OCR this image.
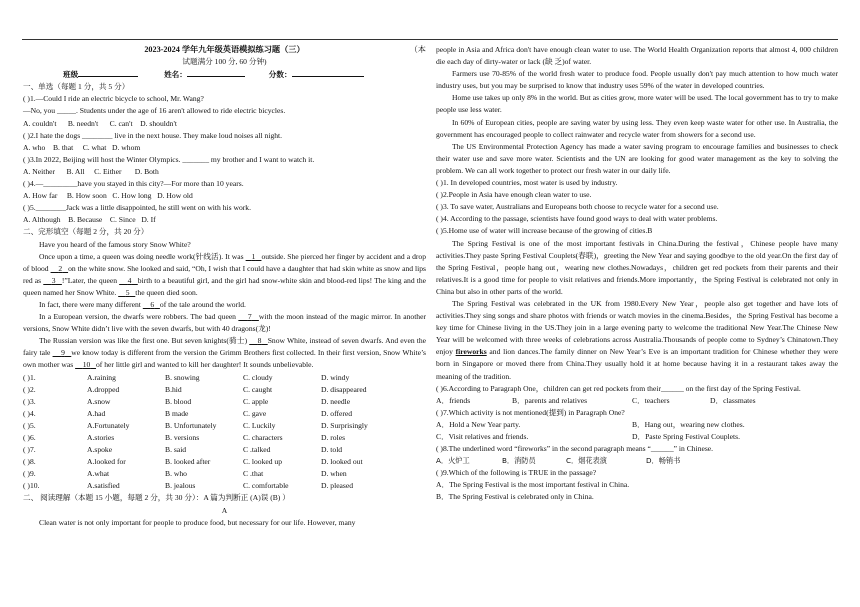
2023-2024 学年九年级英语模拟练习题（三）	（本

试题满分 100 分, 60 分钟)

班级	姓名：	分数：

一、单选（每题 1 分，共 5 分）

( )1.—Could I ride an electric bicycle to school, Mr. Wang?

—No, you _____. Students under the age of 16 aren't allowed to ride electric bicycles.

A. couldn't      B. needn't      C. can't    D. shouldn't

( )2.I hate the dogs ________ live in the next house. They make loud noises all night.

A. who    B. that     C. what   D. whom

( )3.In 2022, Beijing will host the Winter Olympics. _______ my brother and I want to watch it.

A. Neither      B. All     C. Either       D. Both

( )4.—_________have you stayed in this city?—For more than 10 years.

A. How far     B. How soon   C. How long   D. How old

( )5.________Jack was a little disappointed, he still went on with his work.

A. Although    B. Because    C. Since   D. If

二、完形填空（每题 2 分，共 20 分）

Have you heard of the famous story Snow White?

Once upon a time, a queen was doing needle work(针线活). It was 1 outside. She pierced her finger by accident and a drop of blood 2 on the white snow. She looked and said, “Oh, I wish that I could have a daughter that had skin white as snow and lips red as 3 !”Later, the queen 4 birth to a beautiful girl, and the girl had snow-white skin and blood-red lips! The king and the queen named her Snow White. 5 the queen died soon.

In fact, there were many different 6 of the tale around the world.

In a European version, the dwarfs were robbers. The bad queen 7 with the moon instead of the magic mirror. In another versions, Snow White didn’t live with the seven dwarfs, but with 40 dragons(龙)!

The Russian version was like the first one. But seven knights(骑士) 8 Snow White, instead of seven dwarfs. And even the fairy tale 9 we know today is different from the version the Grimm Brothers first collected. In their first version, Snow White’s own mother was 10 of her little girl and wanted to kill her daughter! It sounds unbelievable.

( )1.	A.raining	B. snowing	C. cloudy	D. windy

( )2.	A.dropped	B.hid	C. caught	D. disappeared

( )3.	A.snow	B. blood	C. apple	D. needle

( )4.	A.had	B made	C. gave	D. offered

( )5.	A.Fortunately	B. Unfortunately	C. Luckily	D. Surprisingly

( )6.	A.stories	B. versions	C. characters	D. roles

( )7.	A.spoke	B. said	C .talked	D. told

( )8.	A.looked for	B. looked after	C. looked up	D. looked out

( )9.	A.what	B. who	C .that	D. when

( )10.	A.satisfied	B. jealous	C. comfortable	D. pleased

二、 阅读理解（本题 15 小题，每题 2 分，共 30 分）：A 篇为判断正 (A)误 (B) ）

A

Clean water is not only important for people to produce food, but necessary for our life. However, many

people in Asia and Africa don't have enough clean water to use. The World Health Organization reports that almost 4, 000 children die each day of dirty-water or lack (缺 乏)of water.

Farmers use 70-85% of the world fresh water to produce food. People usually don't pay much attention to how much water industry uses, but you may be surprised to know that industry uses 59% of the water in developed countries.

Home use takes up only 8% in the world. But as cities grow, more water will be used. The local government has to try to make people use less water.

In 60% of European cities, people are saving water by using less. They even keep waste water for other use. In Australia, the government has encouraged people to collect rainwater and recycle water from showers for a second use.

The US Environmental Protection Agency has made a water saving program to encourage families and businesses to check their water use and save more water. Scientists and the UN are looking for good water management as the key to solving the problem. We can all work together to protect our fresh water in our daily life.

( )1. In developed countries, most water is used by industry.

( )2.People in Asia have enough clean water to use.

( )3. To save water, Australians and Europeans both choose to recycle water for a second use.

( )4. According to the passage, scientists have found good ways to deal with water problems.

( )5.Home use of water will increase because of the growing of cities.B

The Spring Festival is one of the most important festivals in China.During the festival，Chinese people have many activities.They paste Spring Festival Couplets(春联)，greeting the New Year and saying goodbye to the old year.On the first day of the Spring Festival，people hang out，wearing new clothes.Nowadays，children get red pockets from their parents and their relatives.It is a good time for people to visit relatives and friends.More importantly，the Spring Festival is celebrated not only in China but also in other parts of the world.

The Spring Festival was celebrated in the UK from 1980.Every New Year，people also get together and have lots of activities.They sing songs and share photos with friends or watch movies in the cinema.Besides，the Spring Festival has become a key time for Chinese living in the US.They join in a large evening party to welcome the traditional New Year.The Chinese New Year will be welcomed with three weeks of celebrations across Australia.Thousands of people come to Sydney’s Chinatown.They enjoy fireworks and lion dances.The family dinner on New Year’s Eve is an important tradition for Chinese whether they were born in Singapore or moved there from China.They usually hold it at home because having it in a restaurant takes away the meaning of the tradition.

( )6.According to Paragraph One，children can get red pockets from their______ on the first day of the Spring Festival.

A．friends	B．parents and relatives	C．teachers	D．classmates

( )7.Which activity is not mentioned(提到) in Paragraph One?

A．Hold a New Year party.	B．Hang out，wearing new clothes.

C．Visit relatives and friends.	D．Paste Spring Festival Couplets.

( )8.The underlined word “fireworks” in the second paragraph means “______” in Chinese.

A．火炉工	B．消防员	C．烟花表演	D．畅销书

( )9.Which of the following is TRUE in the passage?

A．The Spring Festival is the most important festival in China.

B．The Spring Festival is celebrated only in China.
